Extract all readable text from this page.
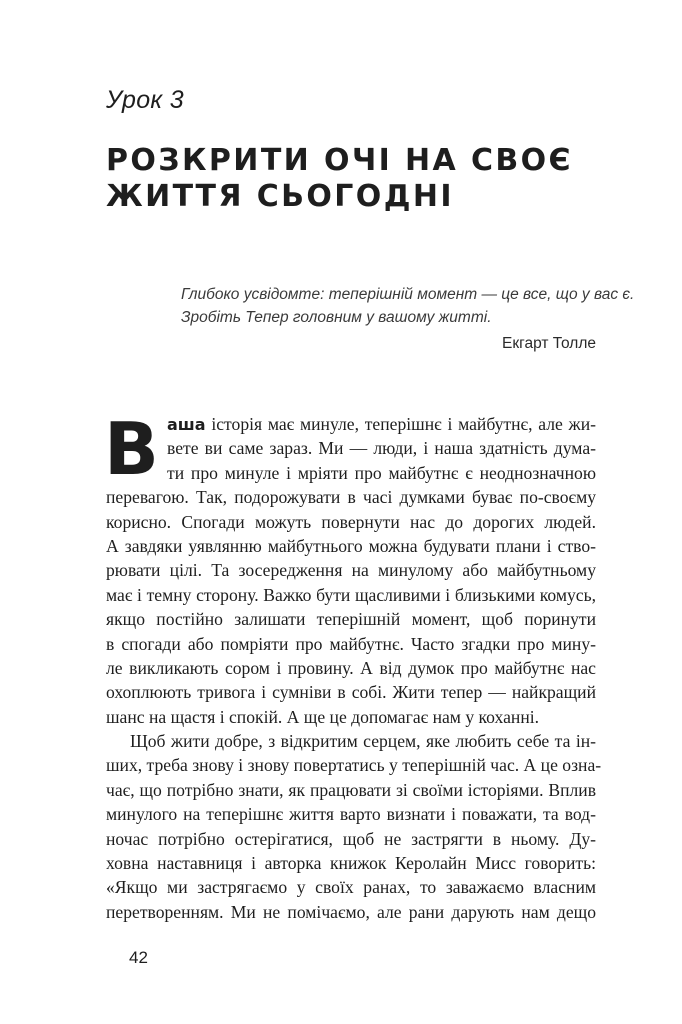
Урок 3
РОЗКРИТИ ОЧІ НА СВОЄ
ЖИТТЯ СЬОГОДНІ
Глибоко усвідомте: теперішній момент — це все, що у вас є.
Зробіть Тепер головним у вашому житті.
Екгарт Толле
В аша історія має минуле, теперішнє і майбутнє, але жи-
вете ви саме зараз. Ми — люди, і наша здатність дума-
ти про минуле і мріяти про майбутнє є неоднозначною
перевагою. Так, подорожувати в часі думками буває по-своєму
корисно. Спогади можуть повернути нас до дорогих людей.
А завдяки уявлянню майбутнього можна будувати плани і ство-
рювати цілі. Та зосередження на минулому або майбутньому
має і темну сторону. Важко бути щасливими і близькими комусь,
якщо постійно залишати теперішній момент, щоб поринути
в спогади або помріяти про майбутнє. Часто згадки про мину-
ле викликають сором і провину. А від думок про майбутнє нас
охоплюють тривога і сумніви в собі. Жити тепер — найкращий
шанс на щастя і спокій. А ще це допомагає нам у коханні.
Щоб жити добре, з відкритим серцем, яке любить себе та ін-
ших, треба знову і знову повертатись у теперішній час. А це озна-
чає, що потрібно знати, як працювати зі своїми історіями. Вплив
минулого на теперішнє життя варто визнати і поважати, та вод-
ночас потрібно остерігатися, щоб не застрягти в ньому. Ду-
ховна наставниця і авторка книжок Керолайн Мисс говорить:
«Якщо ми застрягаємо у своїх ранах, то заважаємо власним
перетворенням. Ми не помічаємо, але рани дарують нам дещо
42
